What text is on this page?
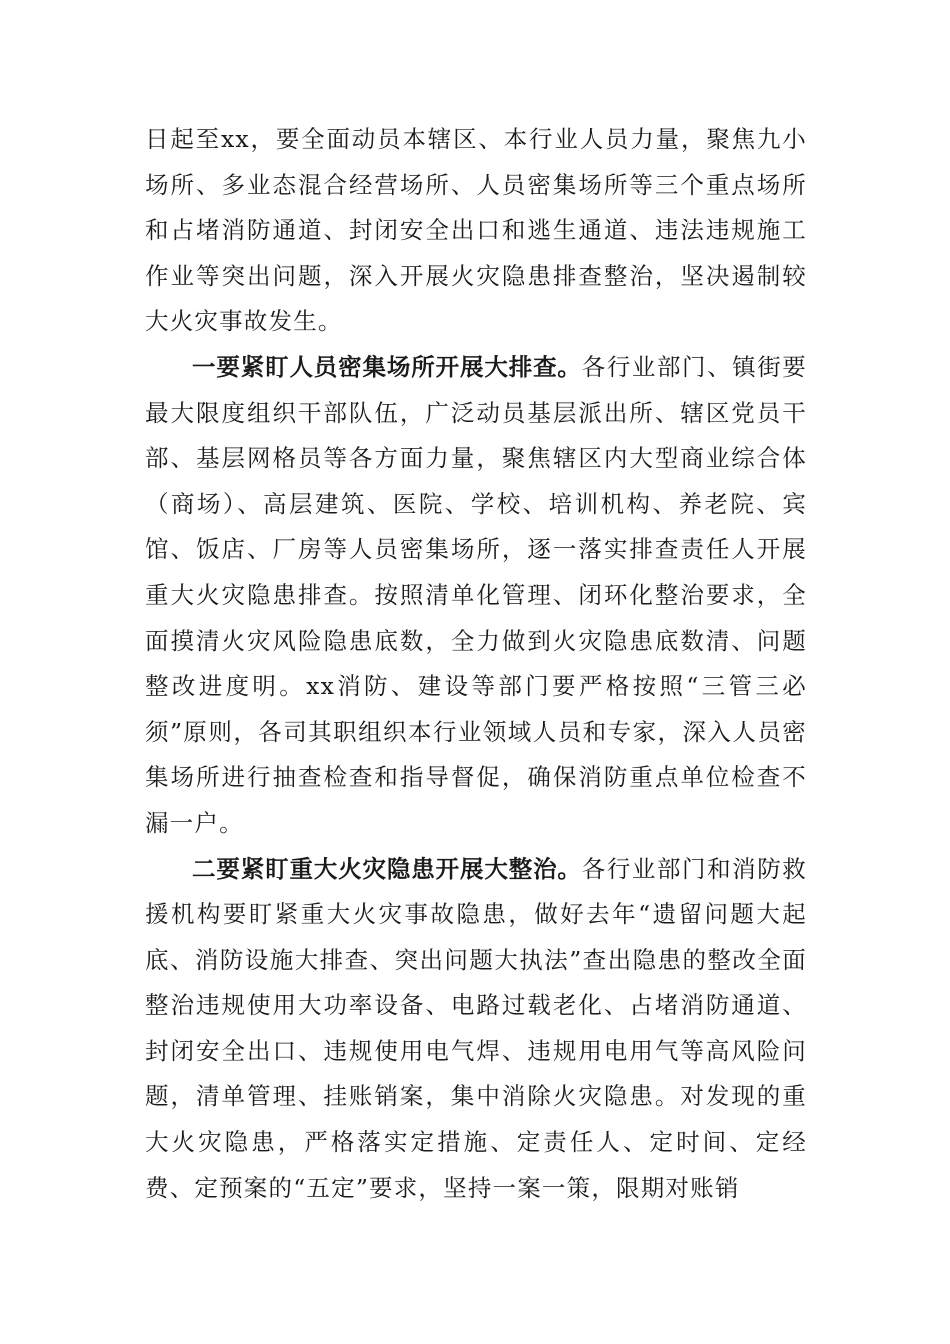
日起至xx，要全面动员本辖区、本行业人员力量，聚焦九小场所、多业态混合经营场所、人员密集场所等三个重点场所和占堵消防通道、封闭安全出口和逃生通道、违法违规施工作业等突出问题，深入开展火灾隐患排查整治，坚决遏制较大火灾事故发生。

一要紧盯人员密集场所开展大排查。各行业部门、镇街要最大限度组织干部队伍，广泛动员基层派出所、辖区党员干部、基层网格员等各方面力量，聚焦辖区内大型商业综合体（商场）、高层建筑、医院、学校、培训机构、养老院、宾馆、饭店、厂房等人员密集场所，逐一落实排查责任人开展重大火灾隐患排查。按照清单化管理、闭环化整治要求，全面摸清火灾风险隐患底数，全力做到火灾隐患底数清、问题整改进度明。xx消防、建设等部门要严格按照“三管三必须”原则，各司其职组织本行业领域人员和专家，深入人员密集场所进行抽查检查和指导督促，确保消防重点单位检查不漏一户。

二要紧盯重大火灾隐患开展大整治。各行业部门和消防救援机构要盯紧重大火灾事故隐患，做好去年“遗留问题大起底、消防设施大排查、突出问题大执法”查出隐患的整改全面整治违规使用大功率设备、电路过载老化、占堵消防通道、封闭安全出口、违规使用电气焊、违规用电用气等高风险问题，清单管理、挂账销案，集中消除火灾隐患。对发现的重大火灾隐患，严格落实定措施、定责任人、定时间、定经费、定预案的“五定”要求，坚持一案一策，限期对账销
